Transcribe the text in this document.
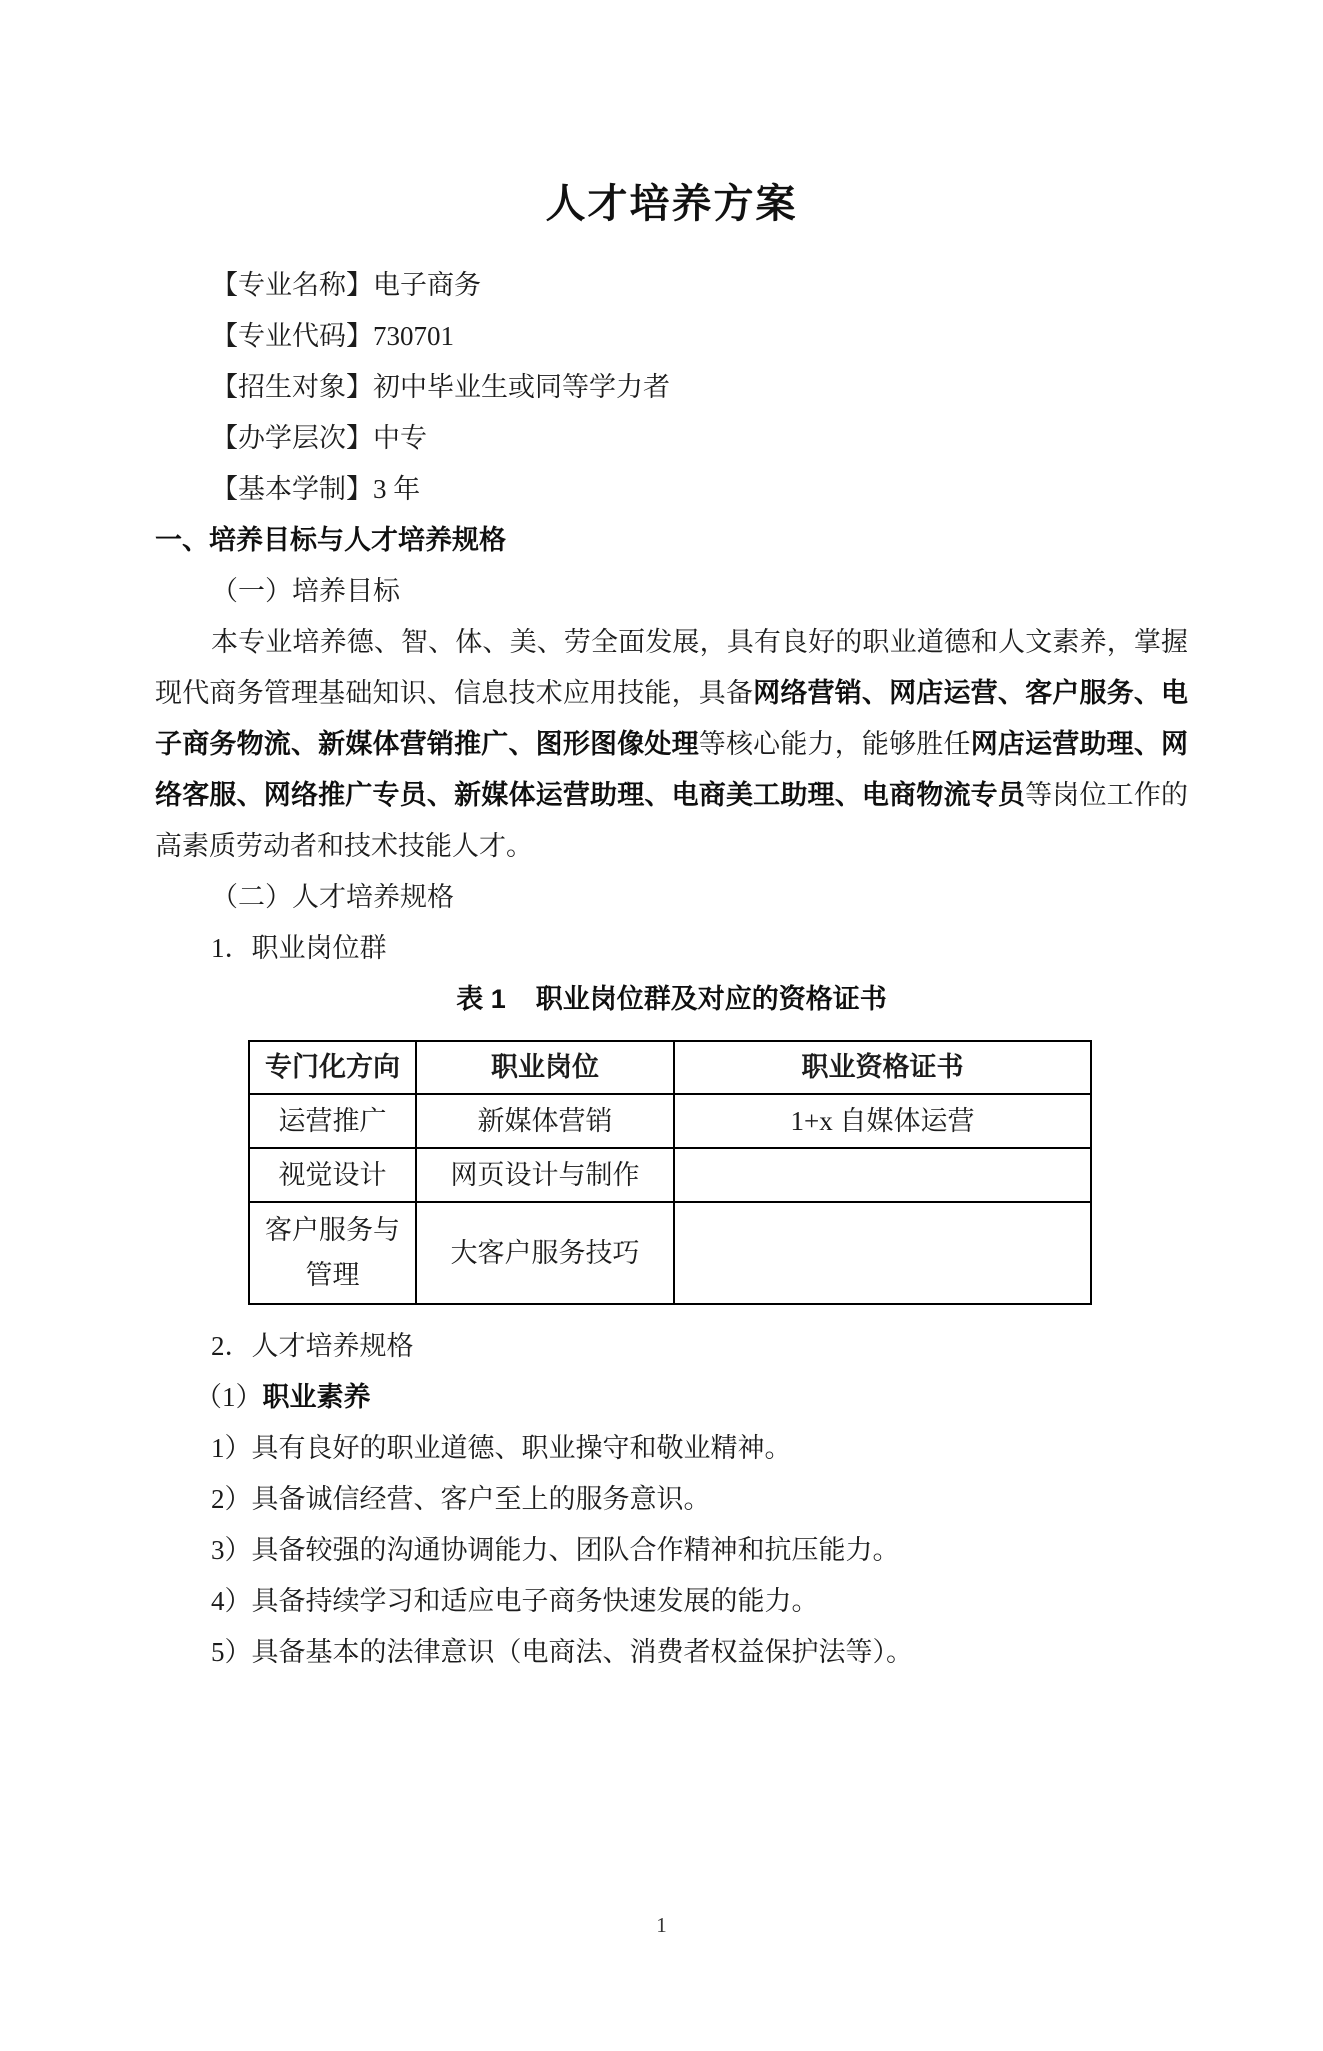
人才培养方案
【专业名称】电子商务
【专业代码】730701
【招生对象】初中毕业生或同等学力者
【办学层次】中专
【基本学制】3 年
一、培养目标与人才培养规格
（一）培养目标

本专业培养德、智、体、美、劳全面发展，具有良好的职业道德和人文素养，掌握现代商务管理基础知识、信息技术应用技能，具备网络营销、网店运营、客户服务、电子商务物流、新媒体营销推广、图形图像处理等核心能力，能够胜任网店运营助理、网络客服、网络推广专员、新媒体运营助理、电商美工助理、电商物流专员等岗位工作的高素质劳动者和技术技能人才。

（二）人才培养规格
1．职业岗位群
表 1 职业岗位群及对应的资格证书
专门化方向	职业岗位	职业资格证书
运营推广	新媒体营销	1+x 自媒体运营
视觉设计	网页设计与制作	
客户服务与管理	大客户服务技巧	
2．人才培养规格
（1）职业素养
1）具有良好的职业道德、职业操守和敬业精神。
2）具备诚信经营、客户至上的服务意识。
3）具备较强的沟通协调能力、团队合作精神和抗压能力。
4）具备持续学习和适应电子商务快速发展的能力。
5）具备基本的法律意识（电商法、消费者权益保护法等）。
1
